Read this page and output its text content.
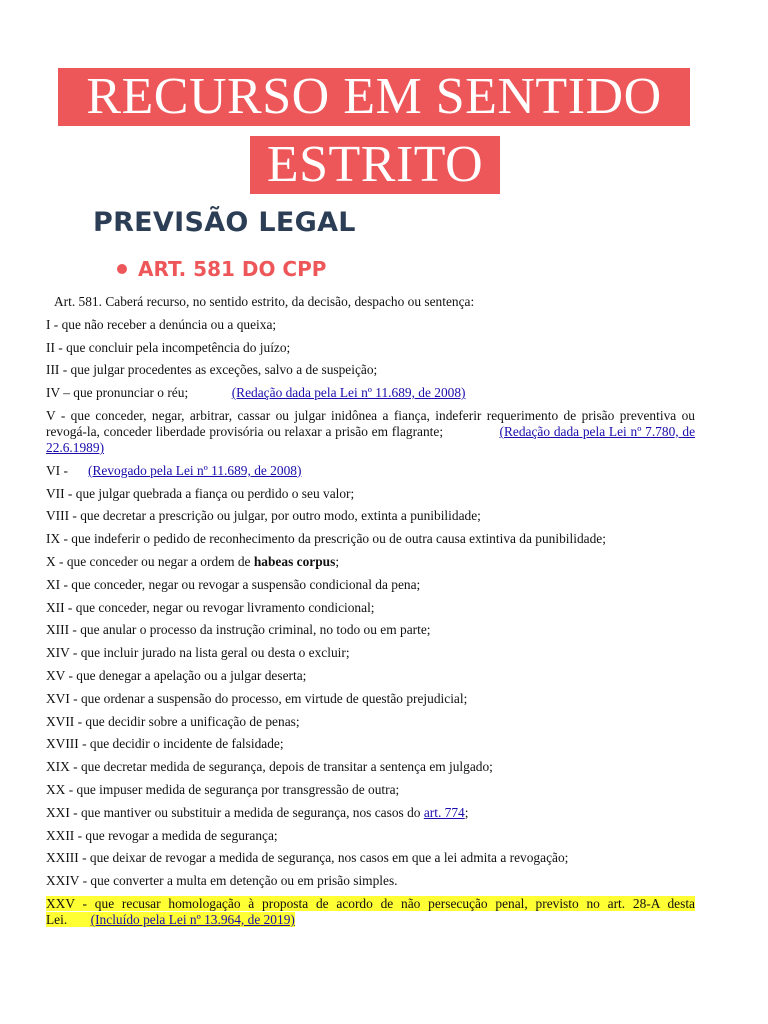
RECURSO EM SENTIDO
ESTRITO
PREVISÃO LEGAL
ART. 581 DO CPP

Art. 581. Caberá recurso, no sentido estrito, da decisão, despacho ou sentença:

I - que não receber a denúncia ou a queixa;

II - que concluir pela incompetência do juízo;

III - que julgar procedentes as exceções, salvo a de suspeição;

IV – que pronunciar o réu;	(Redação dada pela Lei nº 11.689, de 2008)

V - que conceder, negar, arbitrar, cassar ou julgar inidônea a fiança, indeferir requerimento de prisão preventiva ou revogá-la, conceder liberdade provisória ou relaxar a prisão em flagrante;	(Redação dada pela Lei nº 7.780, de 22.6.1989)

VI - (Revogado pela Lei nº 11.689, de 2008)

VII - que julgar quebrada a fiança ou perdido o seu valor;

VIII - que decretar a prescrição ou julgar, por outro modo, extinta a punibilidade;

IX - que indeferir o pedido de reconhecimento da prescrição ou de outra causa extintiva da punibilidade;

X - que conceder ou negar a ordem de habeas corpus;

XI - que conceder, negar ou revogar a suspensão condicional da pena;

XII - que conceder, negar ou revogar livramento condicional;

XIII - que anular o processo da instrução criminal, no todo ou em parte;

XIV - que incluir jurado na lista geral ou desta o excluir;

XV - que denegar a apelação ou a julgar deserta;

XVI - que ordenar a suspensão do processo, em virtude de questão prejudicial;

XVII - que decidir sobre a unificação de penas;

XVIII - que decidir o incidente de falsidade;

XIX - que decretar medida de segurança, depois de transitar a sentença em julgado;

XX - que impuser medida de segurança por transgressão de outra;

XXI - que mantiver ou substituir a medida de segurança, nos casos do art. 774;

XXII - que revogar a medida de segurança;

XXIII - que deixar de revogar a medida de segurança, nos casos em que a lei admita a revogação;

XXIV - que converter a multa em detenção ou em prisão simples.

XXV - que recusar homologação à proposta de acordo de não persecução penal, previsto no art. 28-A desta Lei. (Incluído pela Lei nº 13.964, de 2019)
